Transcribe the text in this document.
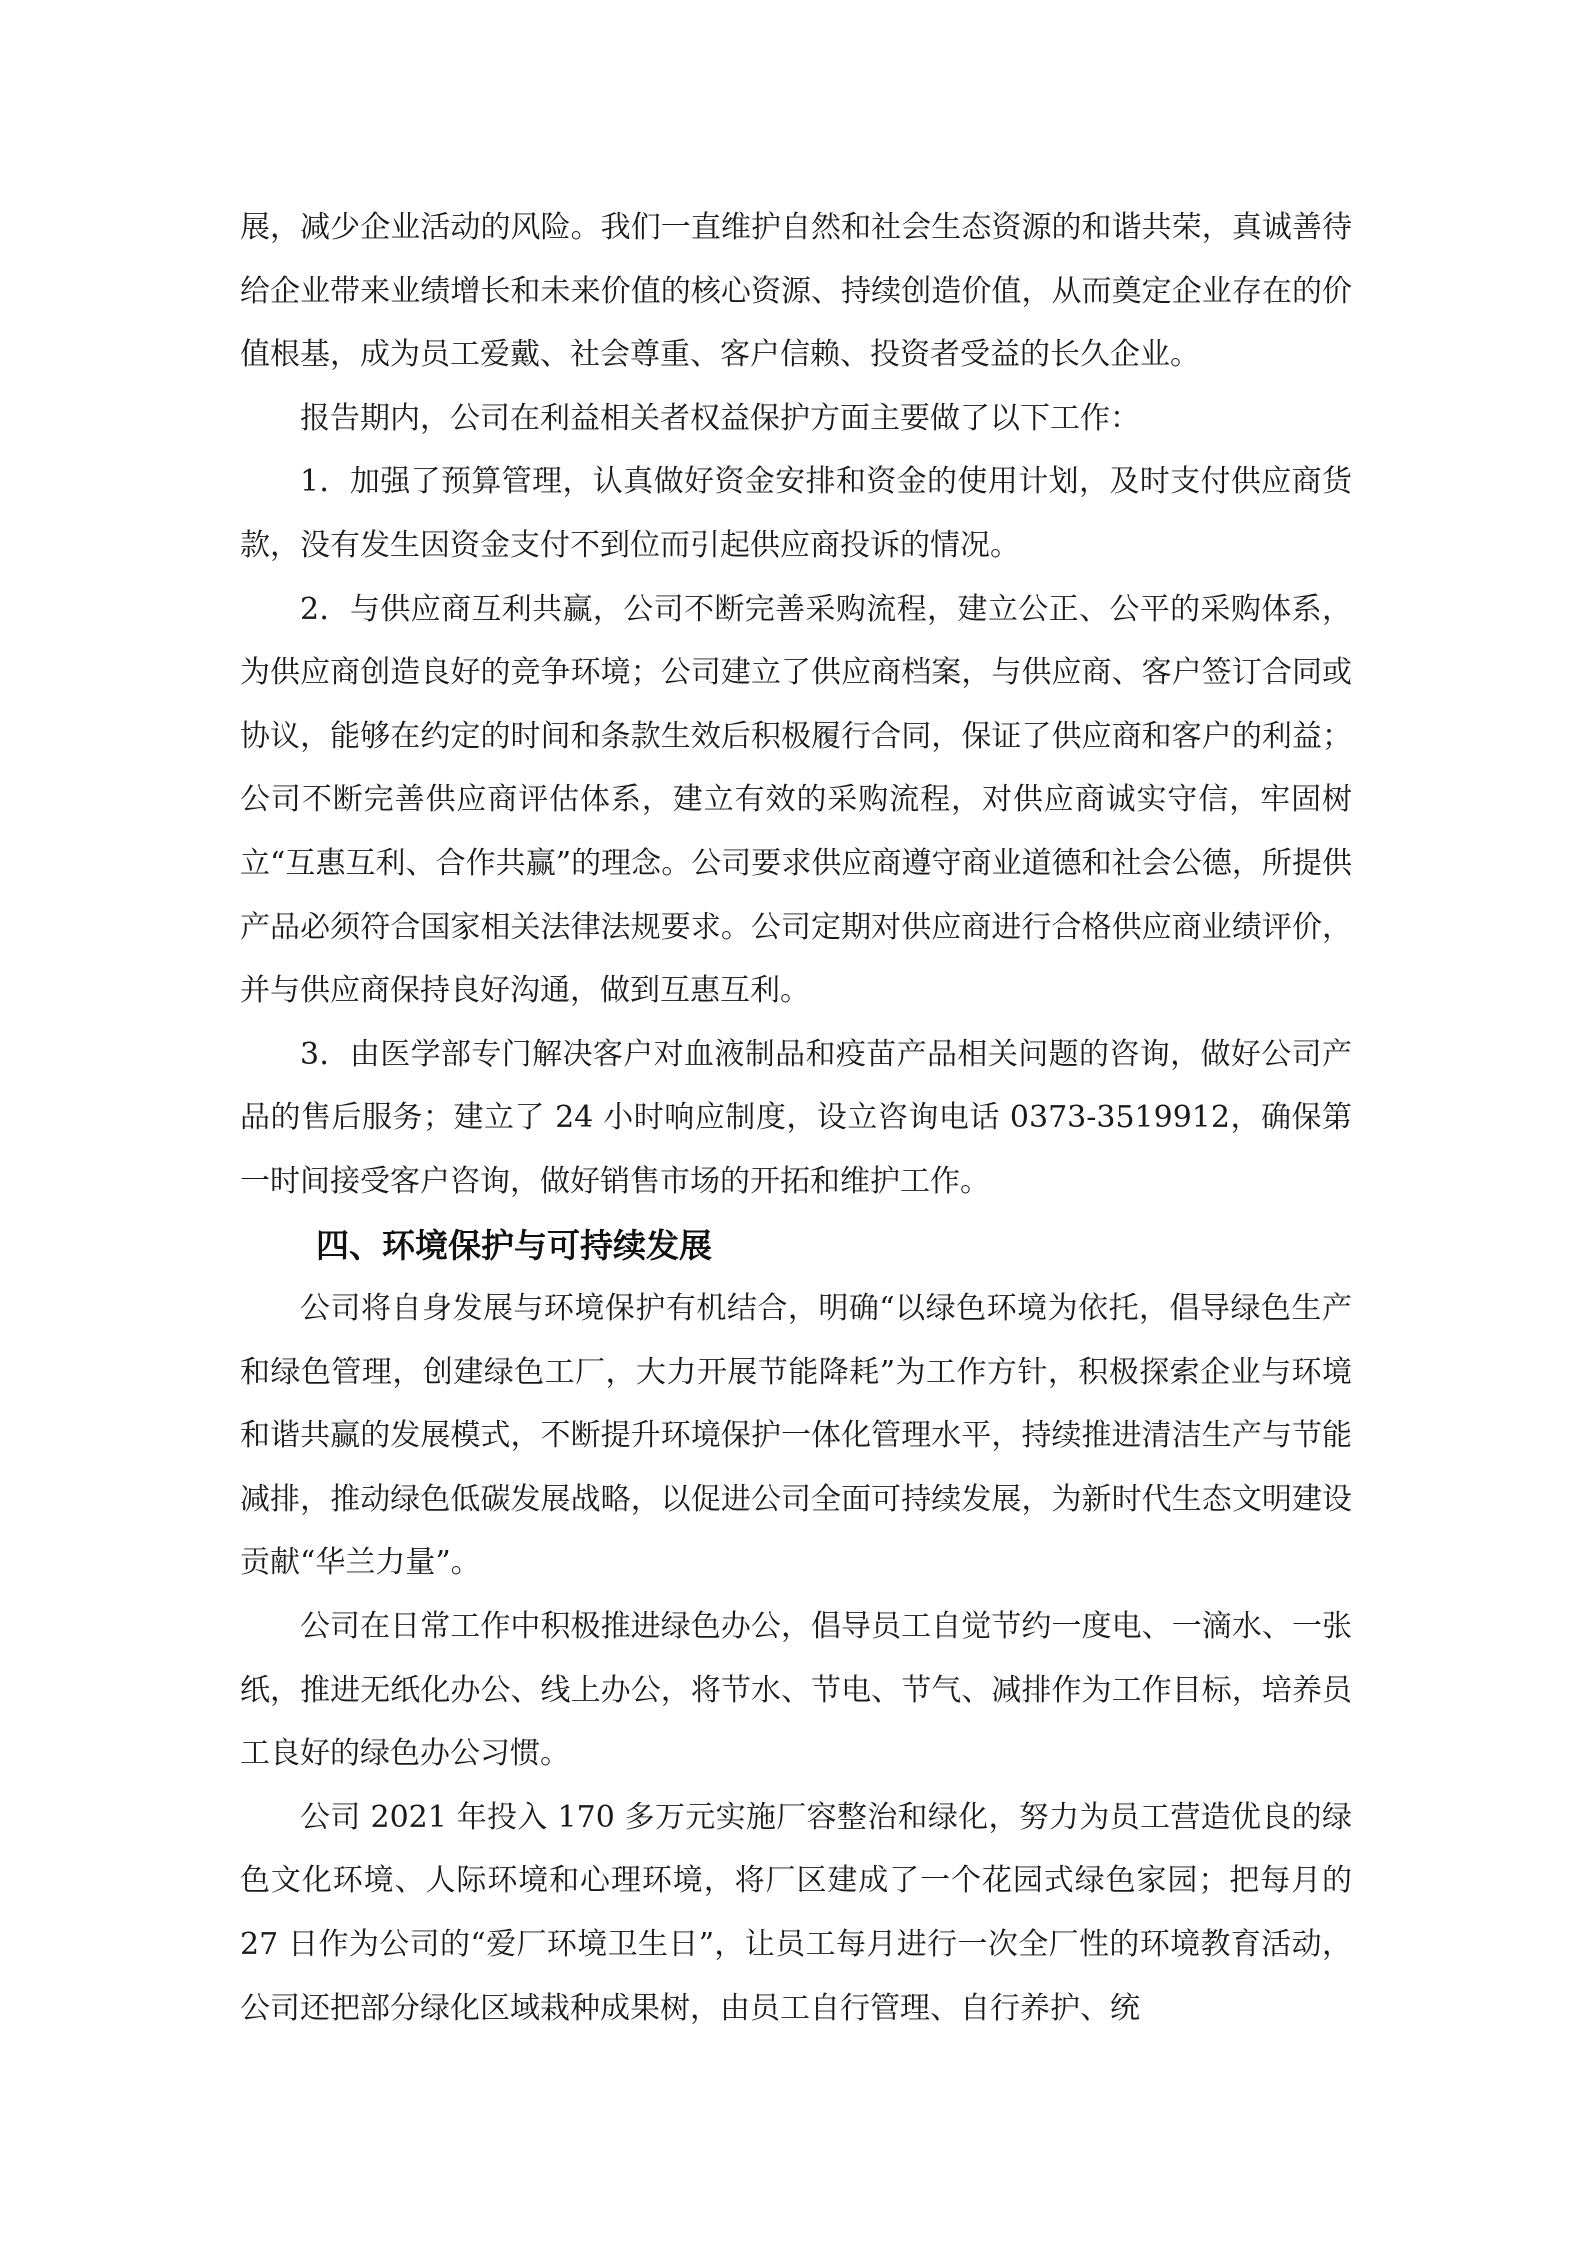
展，减少企业活动的风险。我们一直维护自然和社会生态资源的和谐共荣，真诚善待给企业带来业绩增长和未来价值的核心资源、持续创造价值，从而奠定企业存在的价值根基，成为员工爱戴、社会尊重、客户信赖、投资者受益的长久企业。

报告期内，公司在利益相关者权益保护方面主要做了以下工作：

1．加强了预算管理，认真做好资金安排和资金的使用计划，及时支付供应商货款，没有发生因资金支付不到位而引起供应商投诉的情况。

2．与供应商互利共赢，公司不断完善采购流程，建立公正、公平的采购体系，为供应商创造良好的竞争环境；公司建立了供应商档案，与供应商、客户签订合同或协议，能够在约定的时间和条款生效后积极履行合同，保证了供应商和客户的利益；公司不断完善供应商评估体系，建立有效的采购流程，对供应商诚实守信，牢固树立“互惠互利、合作共赢”的理念。公司要求供应商遵守商业道德和社会公德，所提供产品必须符合国家相关法律法规要求。公司定期对供应商进行合格供应商业绩评价，并与供应商保持良好沟通，做到互惠互利。

3．由医学部专门解决客户对血液制品和疫苗产品相关问题的咨询，做好公司产品的售后服务；建立了 24 小时响应制度，设立咨询电话 0373-3519912，确保第一时间接受客户咨询，做好销售市场的开拓和维护工作。

四、环境保护与可持续发展

公司将自身发展与环境保护有机结合，明确“以绿色环境为依托，倡导绿色生产和绿色管理，创建绿色工厂，大力开展节能降耗”为工作方针，积极探索企业与环境和谐共赢的发展模式，不断提升环境保护一体化管理水平，持续推进清洁生产与节能减排，推动绿色低碳发展战略，以促进公司全面可持续发展，为新时代生态文明建设贡献“华兰力量”。

公司在日常工作中积极推进绿色办公，倡导员工自觉节约一度电、一滴水、一张纸，推进无纸化办公、线上办公，将节水、节电、节气、减排作为工作目标，培养员工良好的绿色办公习惯。

公司 2021 年投入 170 多万元实施厂容整治和绿化，努力为员工营造优良的绿色文化环境、人际环境和心理环境，将厂区建成了一个花园式绿色家园；把每月的 27 日作为公司的“爱厂环境卫生日”，让员工每月进行一次全厂性的环境教育活动，公司还把部分绿化区域栽种成果树，由员工自行管理、自行养护、统
